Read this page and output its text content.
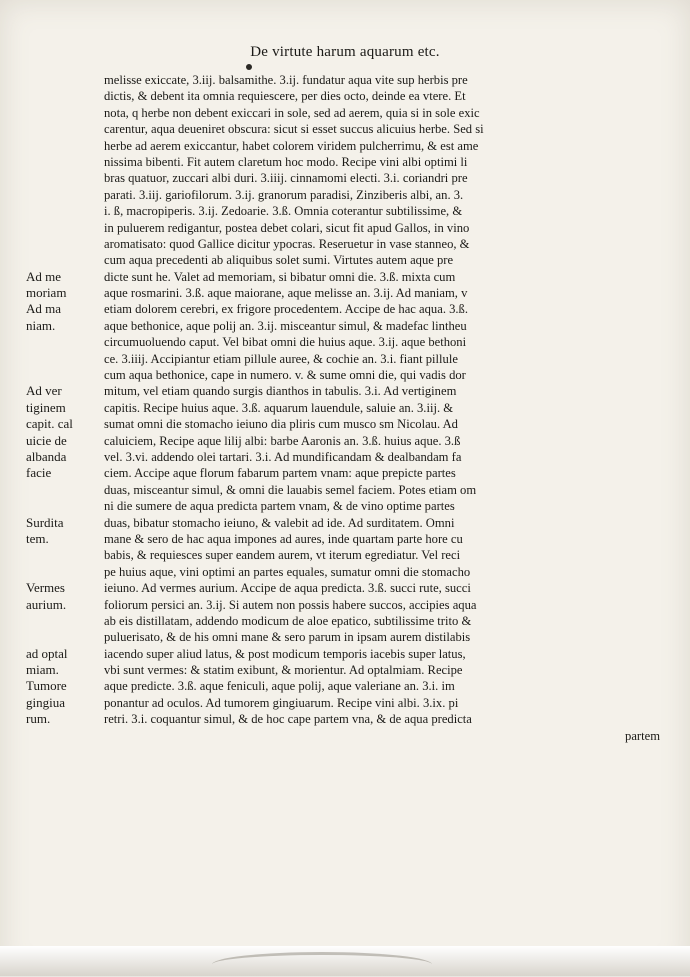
De virtute harum aquarum etc.
Ad me
moriam
Ad ma
niam.
Ad ver
tiginem
capit. cal
uicie de
albanda
facie
Surdita
tem.
Vermes
aurium.
ad optal
miam.
Tumore
gingiua
rum.
melisse exiccate, 3.iij. balsamithe. 3.ij. fundatur aqua vite sup herbis pre
dictis, & debent ita omnia requiescere, per dies octo, deinde ea vtere. Et
nota, q herbe non debent exiccari in sole, sed ad aerem, quia si in sole exic
carentur, aqua deueniret obscura: sicut si esset succus alicuius herbe. Sed si
herbe ad aerem exiccantur, habet colorem viridem pulcherrimu, & est ame
nissima bibenti. Fit autem claretum hoc modo. Recipe vini albi optimi li
bras quatuor, zuccari albi duri. 3.iiij. cinnamomi electi. 3.i. coriandri pre
parati. 3.iij. gariofilorum. 3.ij. granorum paradisi, Zinziberis albi, an. 3.
i. ß, macropiperis. 3.ij. Zedoarie. 3.ß. Omnia coterantur subtilissime, &
in puluerem redigantur, postea debet colari, sicut fit apud Gallos, in vino
aromatisato: quod Gallice dicitur ypocras. Reseruetur in vase stanneo, &
cum aqua precedenti ab aliquibus solet sumi. Virtutes autem aque pre
dicte sunt he. Valet ad memoriam, si bibatur omni die. 3.ß. mixta cum
aque rosmarini. 3.ß. aque maiorane, aque melisse an. 3.ij. Ad maniam, v
etiam dolorem cerebri, ex frigore procedentem. Accipe de hac aqua. 3.ß.
aque bethonice, aque polij an. 3.ij. misceantur simul, & madefac lintheu
circumuoluendo caput. Vel bibat omni die huius aque. 3.ij. aque bethoni
ce. 3.iiij. Accipiantur etiam pillule auree, & cochie an. 3.i. fiant pillule
cum aqua bethonice, cape in numero. v. & sume omni die, qui vadis dor
mitum, vel etiam quando surgis dianthos in tabulis. 3.i. Ad vertiginem
capitis. Recipe huius aque. 3.ß. aquarum lauendule, saluie an. 3.iij. &
sumat omni die stomacho ieiuno dia pliris cum musco sm Nicolau. Ad
caluiciem, Recipe aque lilij albi: barbe Aaronis an. 3.ß. huius aque. 3.ß
vel. 3.vi. addendo olei tartari. 3.i. Ad mundificandam & dealbandam fa
ciem. Accipe aque florum fabarum partem vnam: aque prepicte partes
duas, misceantur simul, & omni die lauabis semel faciem. Potes etiam om
ni die sumere de aqua predicta partem vnam, & de vino optime partes
duas, bibatur stomacho ieiuno, & valebit ad ide. Ad surditatem. Omni
mane & sero de hac aqua impones ad aures, inde quartam parte hore cu
babis, & requiesces super eandem aurem, vt iterum egrediatur. Vel reci
pe huius aque, vini optimi an partes equales, sumatur omni die stomacho
ieiuno. Ad vermes aurium. Accipe de aqua predicta. 3.ß. succi rute, succi
foliorum persici an. 3.ij. Si autem non possis habere succos, accipies aqua
ab eis distillatam, addendo modicum de aloe epatico, subtilissime trito &
puluerisato, & de his omni mane & sero parum in ipsam aurem distilabis
iacendo super aliud latus, & post modicum temporis iacebis super latus,
vbi sunt vermes: & statim exibunt, & morientur. Ad optalmiam. Recipe
aque predicte. 3.ß. aque feniculi, aque polij, aque valeriane an. 3.i. im
ponantur ad oculos. Ad tumorem gingiuarum. Recipe vini albi. 3.ix. pi
retri. 3.i. coquantur simul, & de hoc cape partem vna, & de aqua predicta
partem
